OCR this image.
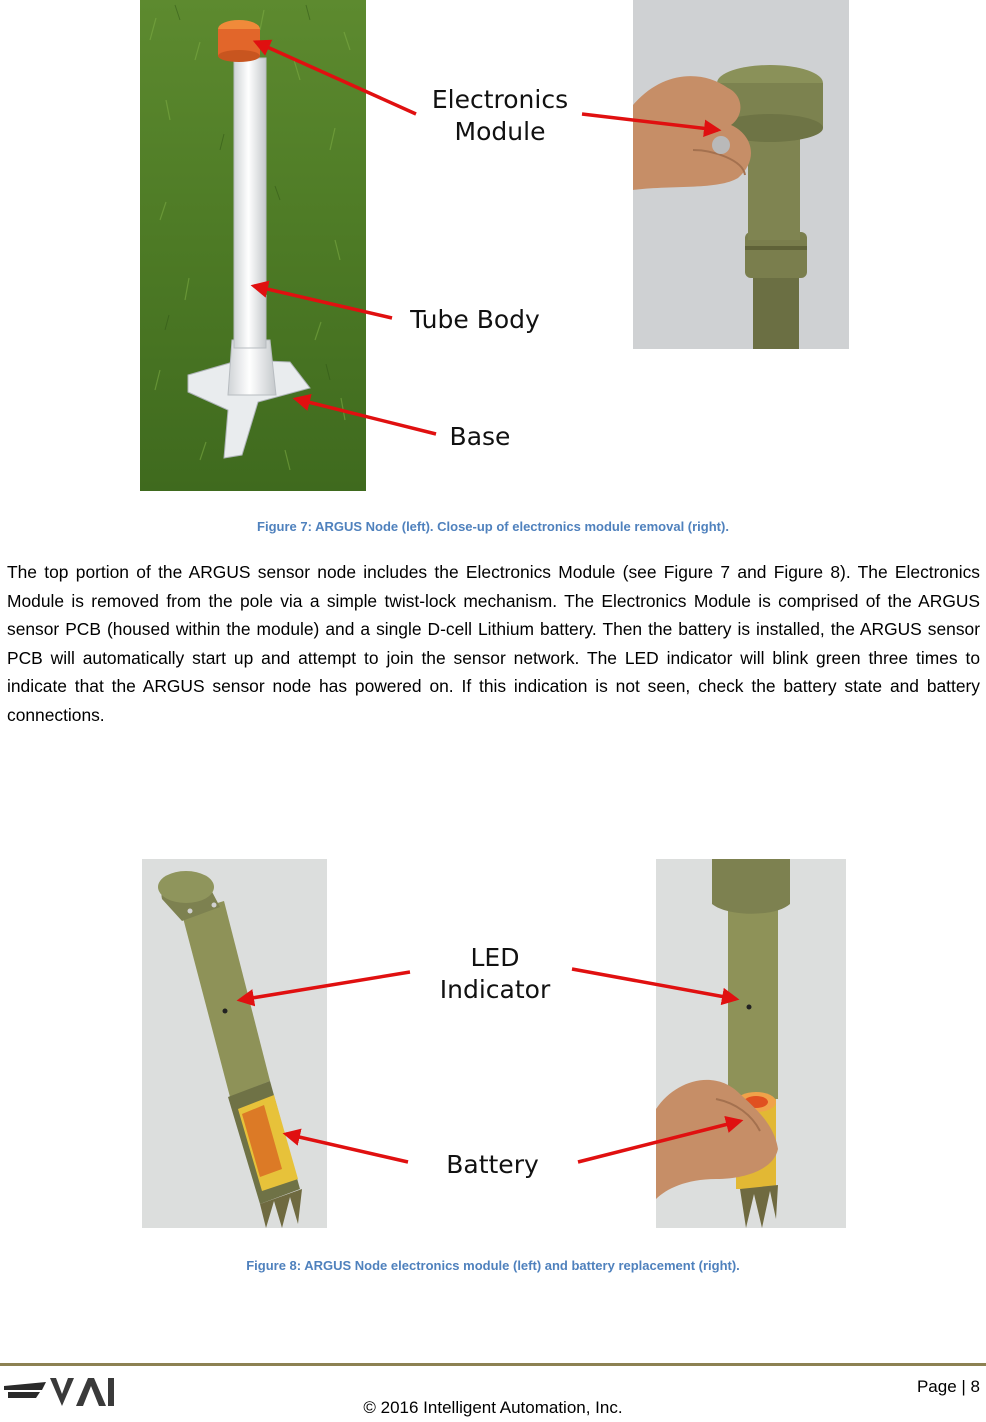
Electronics
Module
Tube Body
Base
Figure 7: ARGUS Node (left). Close-up of electronics module removal (right).

The top portion of the ARGUS sensor node includes the Electronics Module (see Figure 7 and Figure 8). The Electronics Module is removed from the pole via a simple twist-lock mechanism. The Electronics Module is comprised of the ARGUS sensor PCB (housed within the module) and a single D-cell Lithium battery. Then the battery is installed, the ARGUS sensor PCB will automatically start up and attempt to join the sensor network. The LED indicator will blink green three times to indicate that the ARGUS sensor node has powered on. If this indication is not seen, check the battery state and battery connections.

LED
Indicator
Battery
Figure 8: ARGUS Node electronics module (left) and battery replacement (right).
Page | 8
© 2016 Intelligent Automation, Inc.
